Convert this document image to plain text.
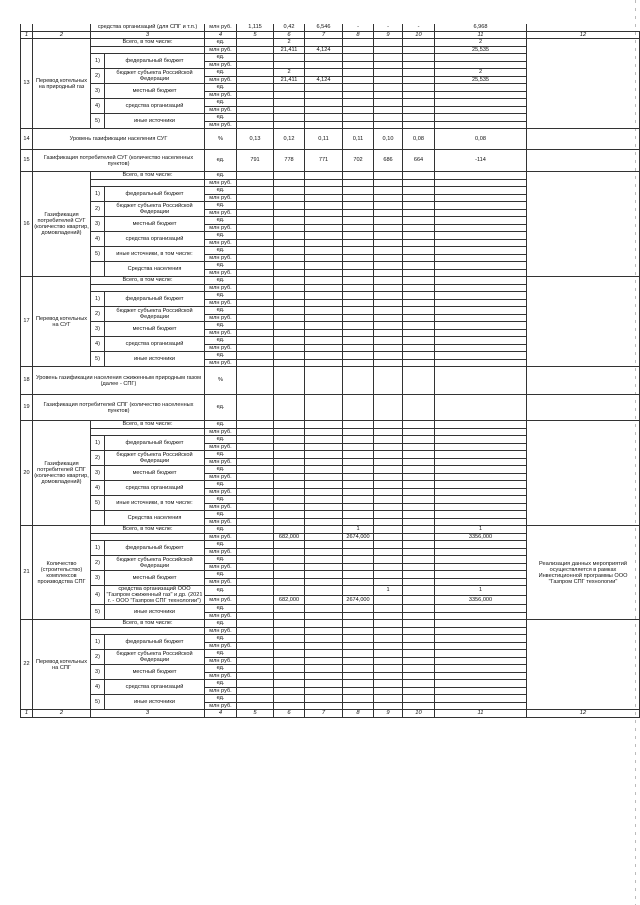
		средства организаций (для СПГ и т.п.)		млн руб.	1,115	0,42	6,546	-	-	-	6,968	
1	2	3		4	5	6	7	8	9	10	11	12
13	Перевод котельных на природный газ	Всего, в том числе:		ед.		2					2	
				млн руб.		21,411	4,124				25,535	
		1)	федеральный бюджет	ед.								
				млн руб.								
		2)	бюджет субъекта Российской Федерации	ед.		2					2	
				млн руб.		21,411	4,124				25,535	
		3)	местный бюджет	ед.								
				млн руб.								
		4)	средства организаций	ед.								
				млн руб.								
		5)	иные источники	ед.								
				млн руб.								
14	Уровень газификации населения СУГ			%	0,13	0,12	0,11	0,11	0,10	0,08	0,08	
15	Газификация потребителей СУГ (количество населенных пунктов)			ед.	791	778	771	702	686	664	-114	
16	Газификация потребителей СУГ (количество квартир, домовладений)	Всего, в том числе:		ед.								
				млн руб.								
		1)	федеральный бюджет	ед.								
				млн руб.								
		2)	бюджет субъекта Российской Федерации	ед.								
				млн руб.								
		3)	местный бюджет	ед.								
				млн руб.								
		4)	средства организаций	ед.								
				млн руб.								
		5)	иные источники, в том числе:	ед.								
				млн руб.								
			Средства населения	ед.								
				млн руб.								
17	Перевод котельных на СУГ	Всего, в том числе:		ед.								
				млн руб.								
		1)	федеральный бюджет	ед.								
				млн руб.								
		2)	бюджет субъекта Российской Федерации	ед.								
				млн руб.								
		3)	местный бюджет	ед.								
				млн руб.								
		4)	средства организаций	ед.								
				млн руб.								
		5)	иные источники	ед.								
				млн руб.								
18	Уровень газификации населения сжиженным природным газом (далее - СПГ)			%								
19	Газификация потребителей СПГ (количество населенных пунктов)			ед.								
20	Газификация потребителей СПГ (количество квартир, домовладений)	Всего, в том числе:		ед.								
				млн руб.								
		1)	федеральный бюджет	ед.								
				млн руб.								
		2)	бюджет субъекта Российской Федерации	ед.								
				млн руб.								
		3)	местный бюджет	ед.								
				млн руб.								
		4)	средства организаций	ед.								
				млн руб.								
		5)	иные источники, в том числе:	ед.								
				млн руб.								
			Средства населения	ед.								
				млн руб.								
21	Количество (строительство) комплексов производства СПГ	Всего, в том числе:		ед.				1			1	Реализация данных мероприятий осуществляется в рамках Инвестиционной программы ООО "Газпром СПГ технологии"
				млн руб.		682,000		2674,000			3356,000	
		1)	федеральный бюджет	ед.								
				млн руб.								
		2)	бюджет субъекта Российской Федерации	ед.								
				млн руб.								
		3)	местный бюджет	ед.								
				млн руб.								
		4)	средства организаций ООО "Газпром сжиженный газ" и др. (2021 г. - ООО "Газпром СПГ технологии")	ед.					1		1	
				млн руб.		682,000		2674,000			3356,000	
		5)	иные источники	ед.								
				млн руб.								
22	Перевод котельных на СПГ	Всего, в том числе:		ед.								
				млн руб.								
		1)	федеральный бюджет	ед.								
				млн руб.								
		2)	бюджет субъекта Российской Федерации	ед.								
				млн руб.								
		3)	местный бюджет	ед.								
				млн руб.								
		4)	средства организаций	ед.								
				млн руб.								
		5)	иные источники	ед.								
				млн руб.								
1	2	3		4	5	6	7	8	9	10	11	12
